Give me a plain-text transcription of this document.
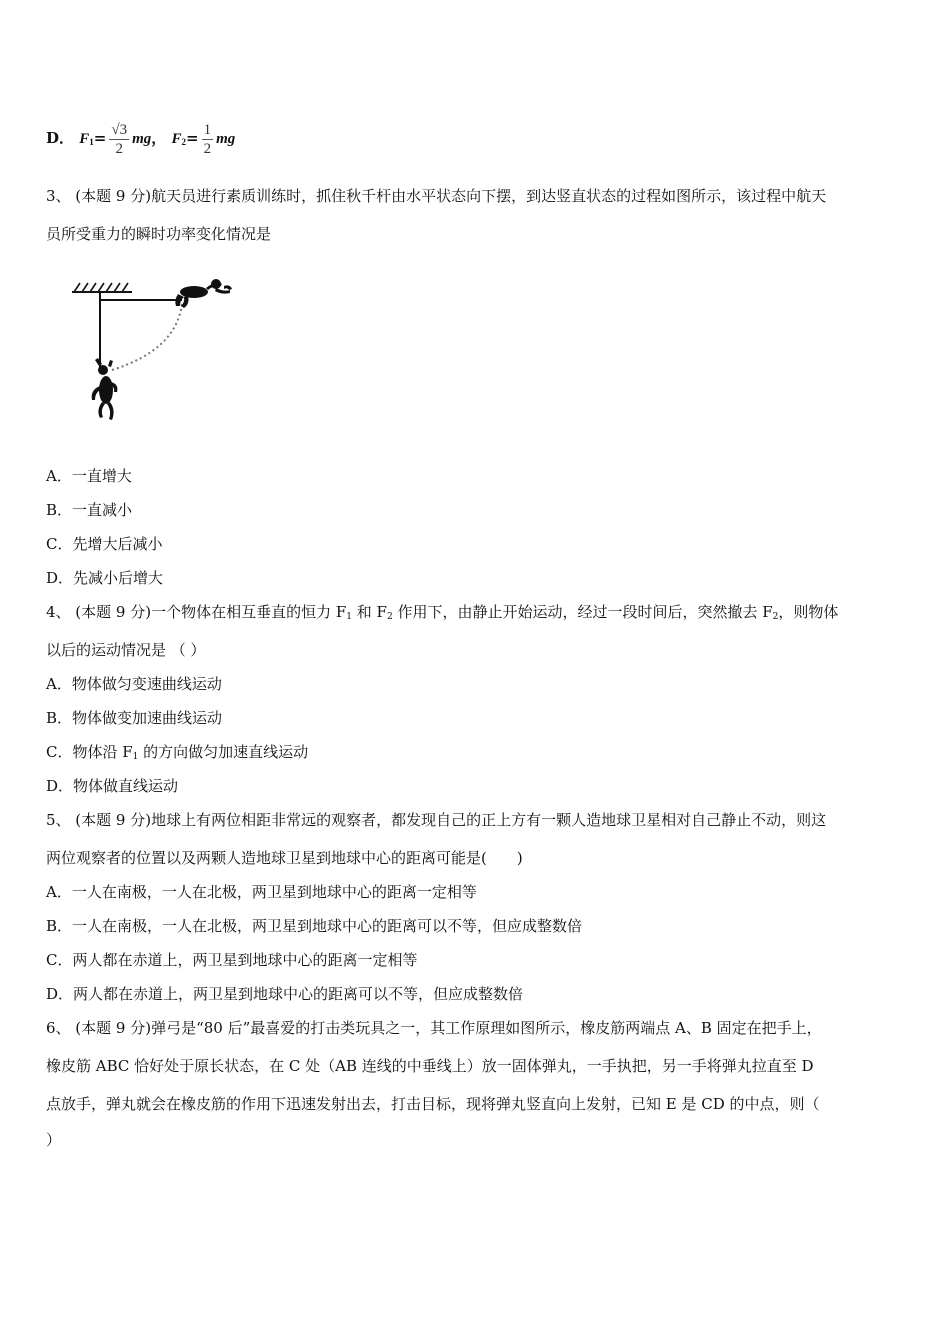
D． $F_1= \frac{√3}{2}$ mg， $F_2= \frac{1}{2}$ mg
3、 (本题 9 分)航天员进行素质训练时，抓住秋千杆由水平状态向下摆，到达竖直状态的过程如图所示，该过程中航天
员所受重力的瞬时功率变化情况是
A．一直增大
B．一直减小
C．先增大后减小
D．先减小后增大
4、 (本题 9 分)一个物体在相互垂直的恒力 $F_1$ 和 $F_2$ 作用下，由静止开始运动，经过一段时间后，突然撤去 $F_2$，则物体
以后的运动情况是 （ ）
A．物体做匀变速曲线运动
B．物体做变加速曲线运动
C．物体沿 $F_1$ 的方向做匀加速直线运动
D．物体做直线运动
5、 (本题 9 分)地球上有两位相距非常远的观察者，都发现自己的正上方有一颗人造地球卫星相对自己静止不动，则这
两位观察者的位置以及两颗人造地球卫星到地球中心的距离可能是(　　)
A．一人在南极，一人在北极，两卫星到地球中心的距离一定相等
B．一人在南极，一人在北极，两卫星到地球中心的距离可以不等，但应成整数倍
C．两人都在赤道上，两卫星到地球中心的距离一定相等
D．两人都在赤道上，两卫星到地球中心的距离可以不等，但应成整数倍
6、 (本题 9 分)弹弓是“80 后”最喜爱的打击类玩具之一，其工作原理如图所示，橡皮筋两端点 A、B 固定在把手上，
橡皮筋 ABC 恰好处于原长状态，在 C 处（AB 连线的中垂线上）放一固体弹丸，一手执把，另一手将弹丸拉直至 D
点放手，弹丸就会在橡皮筋的作用下迅速发射出去，打击目标，现将弹丸竖直向上发射，已知 E 是 CD 的中点，则（
）
